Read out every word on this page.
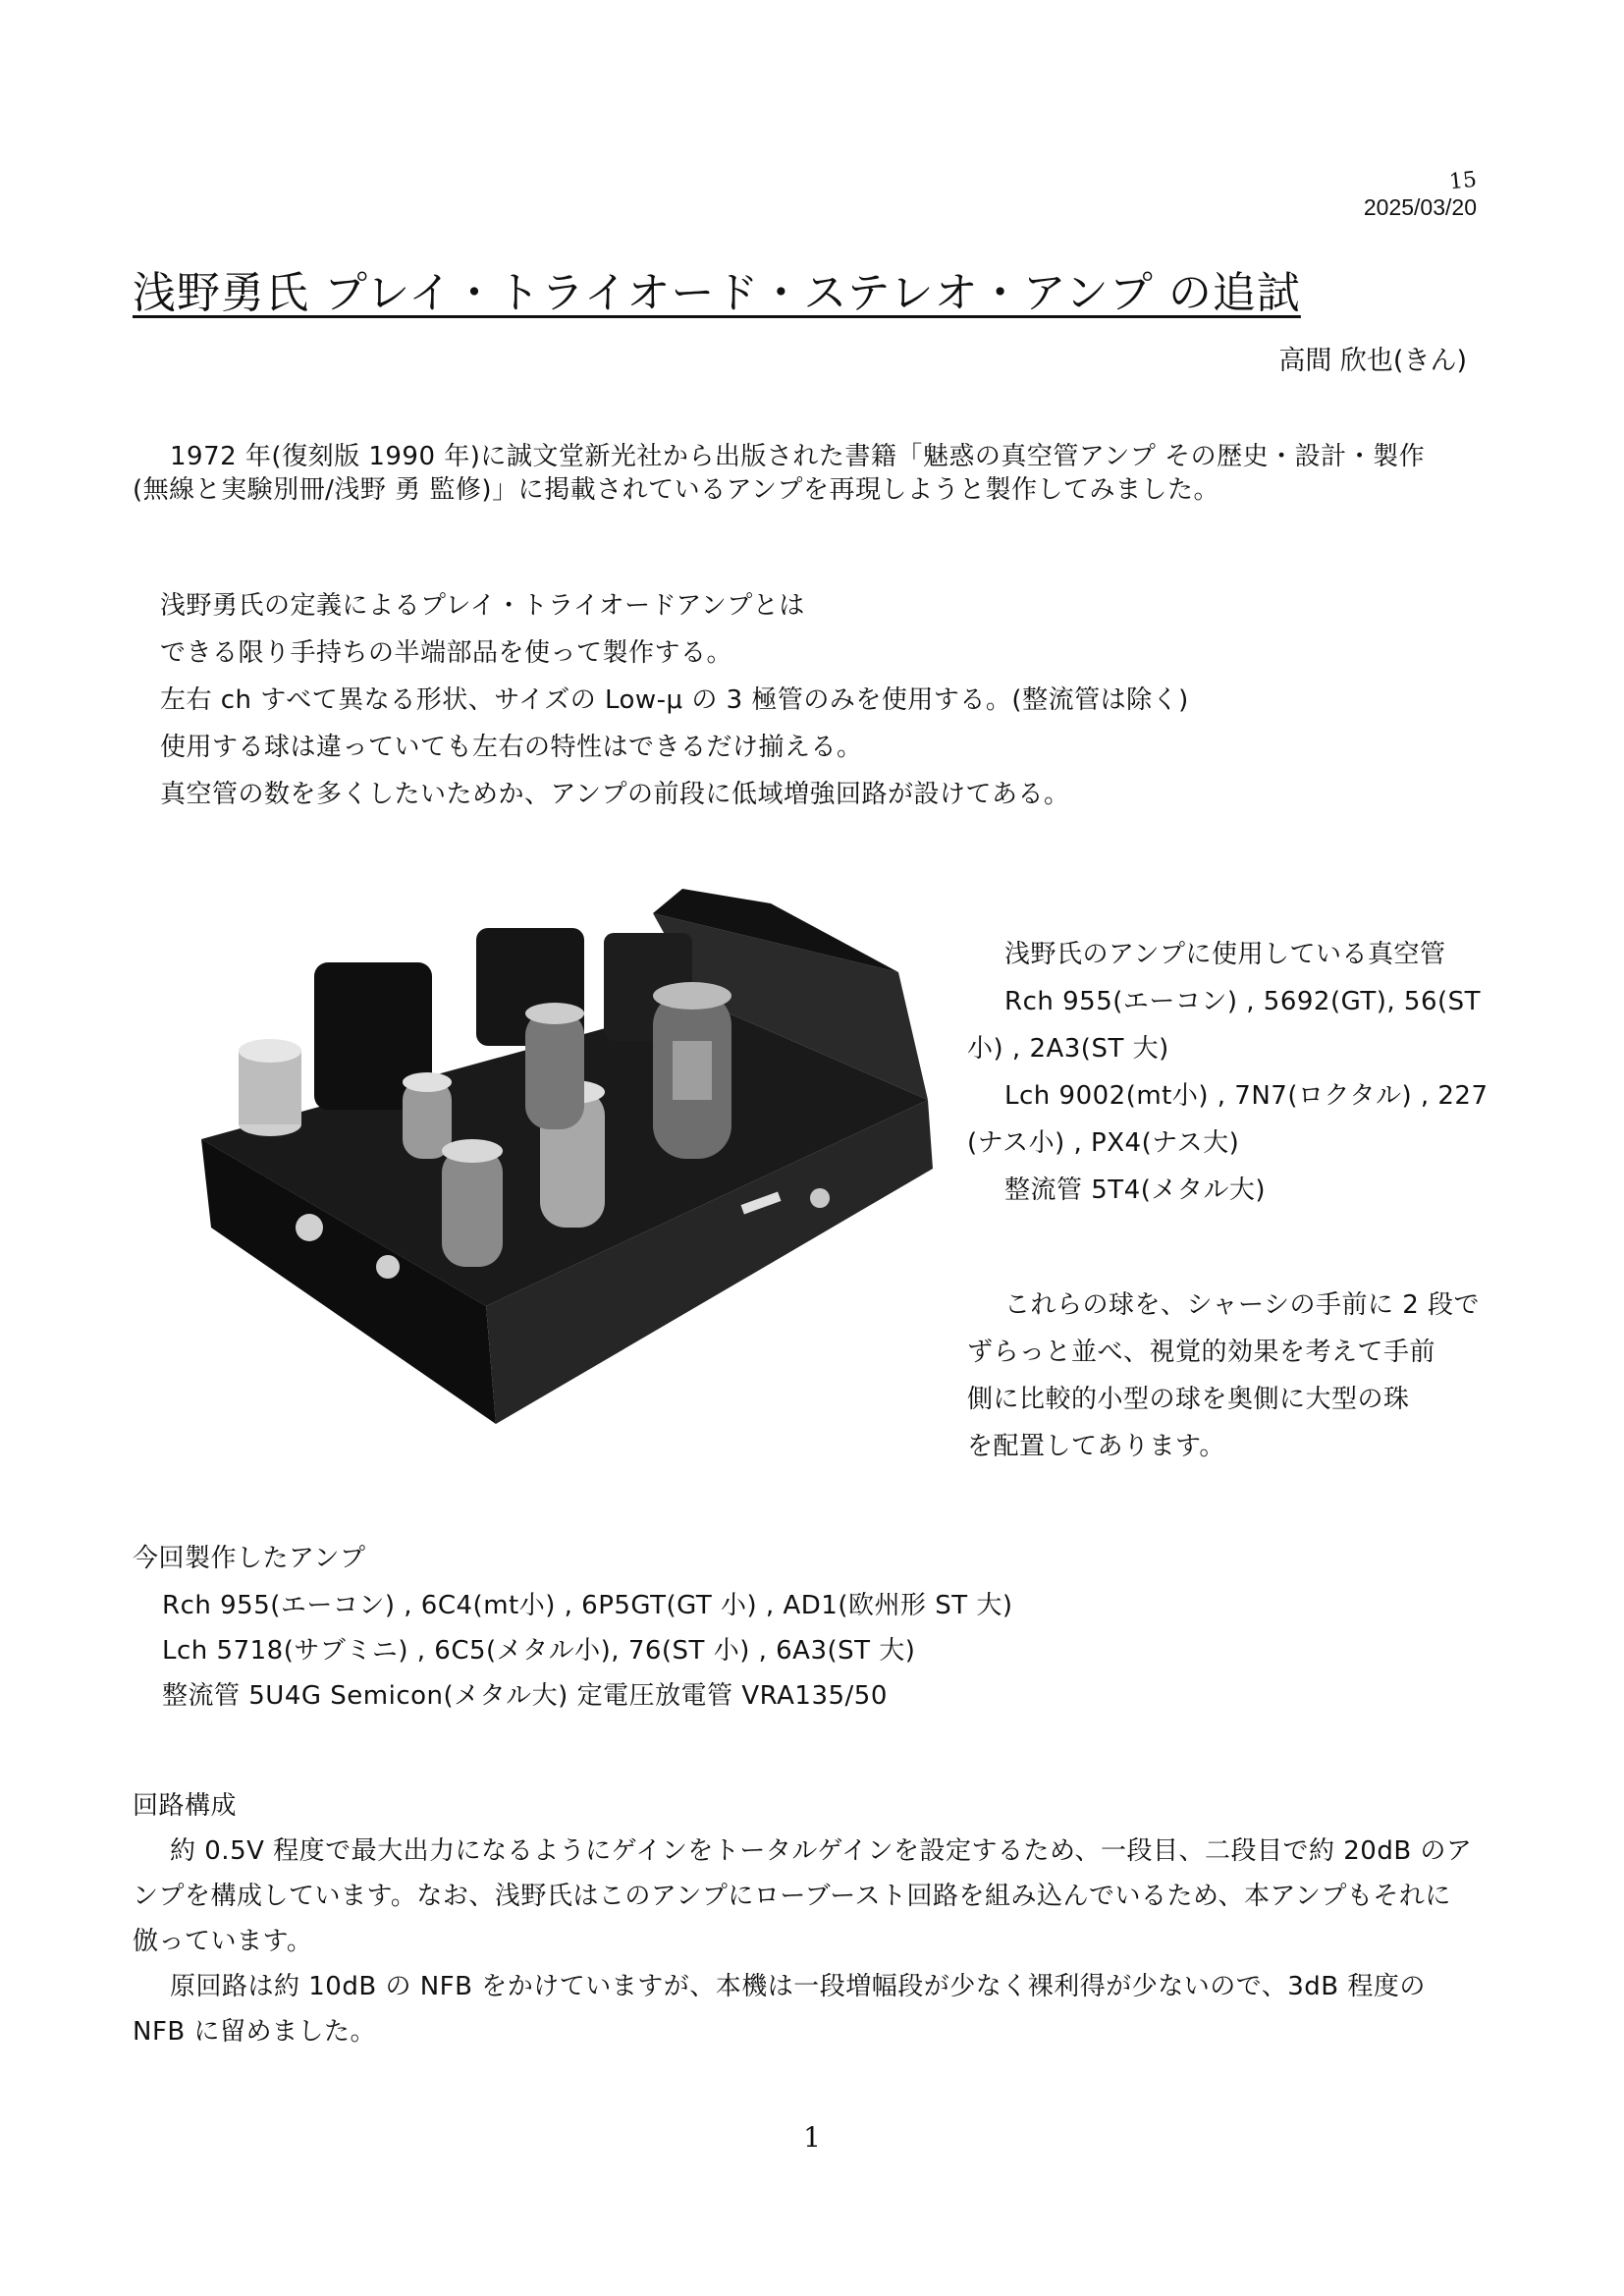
15
2025/03/20
浅野勇氏 プレイ・トライオード・ステレオ・アンプ の追試
高間 欣也(きん)
1972 年(復刻版 1990 年)に誠文堂新光社から出版された書籍「魅惑の真空管アンプ その歴史・設計・製作
(無線と実験別冊/浅野 勇 監修)」に掲載されているアンプを再現しようと製作してみました。
浅野勇氏の定義によるプレイ・トライオードアンプとは
できる限り手持ちの半端部品を使って製作する。
左右 ch すべて異なる形状、サイズの Low-μ の 3 極管のみを使用する。(整流管は除く)
使用する球は違っていても左右の特性はできるだけ揃える。
真空管の数を多くしたいためか、アンプの前段に低域増強回路が設けてある。
浅野氏のアンプに使用している真空管
Rch 955(エーコン) , 5692(GT), 56(ST
小) , 2A3(ST 大)
Lch 9002(mt小) , 7N7(ロクタル) , 227
(ナス小) , PX4(ナス大)
整流管 5T4(メタル大)
これらの球を、シャーシの手前に 2 段で
ずらっと並べ、視覚的効果を考えて手前
側に比較的小型の球を奥側に大型の珠
を配置してあります。
今回製作したアンプ
Rch 955(エーコン) , 6C4(mt小) , 6P5GT(GT 小) , AD1(欧州形 ST 大)
Lch 5718(サブミニ) , 6C5(メタル小), 76(ST 小) , 6A3(ST 大)
整流管 5U4G Semicon(メタル大) 定電圧放電管 VRA135/50
回路構成
約 0.5V 程度で最大出力になるようにゲインをトータルゲインを設定するため、一段目、二段目で約 20dB のア
ンプを構成しています。なお、浅野氏はこのアンプにローブースト回路を組み込んでいるため、本アンプもそれに
倣っています。
原回路は約 10dB の NFB をかけていますが、本機は一段増幅段が少なく裸利得が少ないので、3dB 程度の
NFB に留めました。
1
